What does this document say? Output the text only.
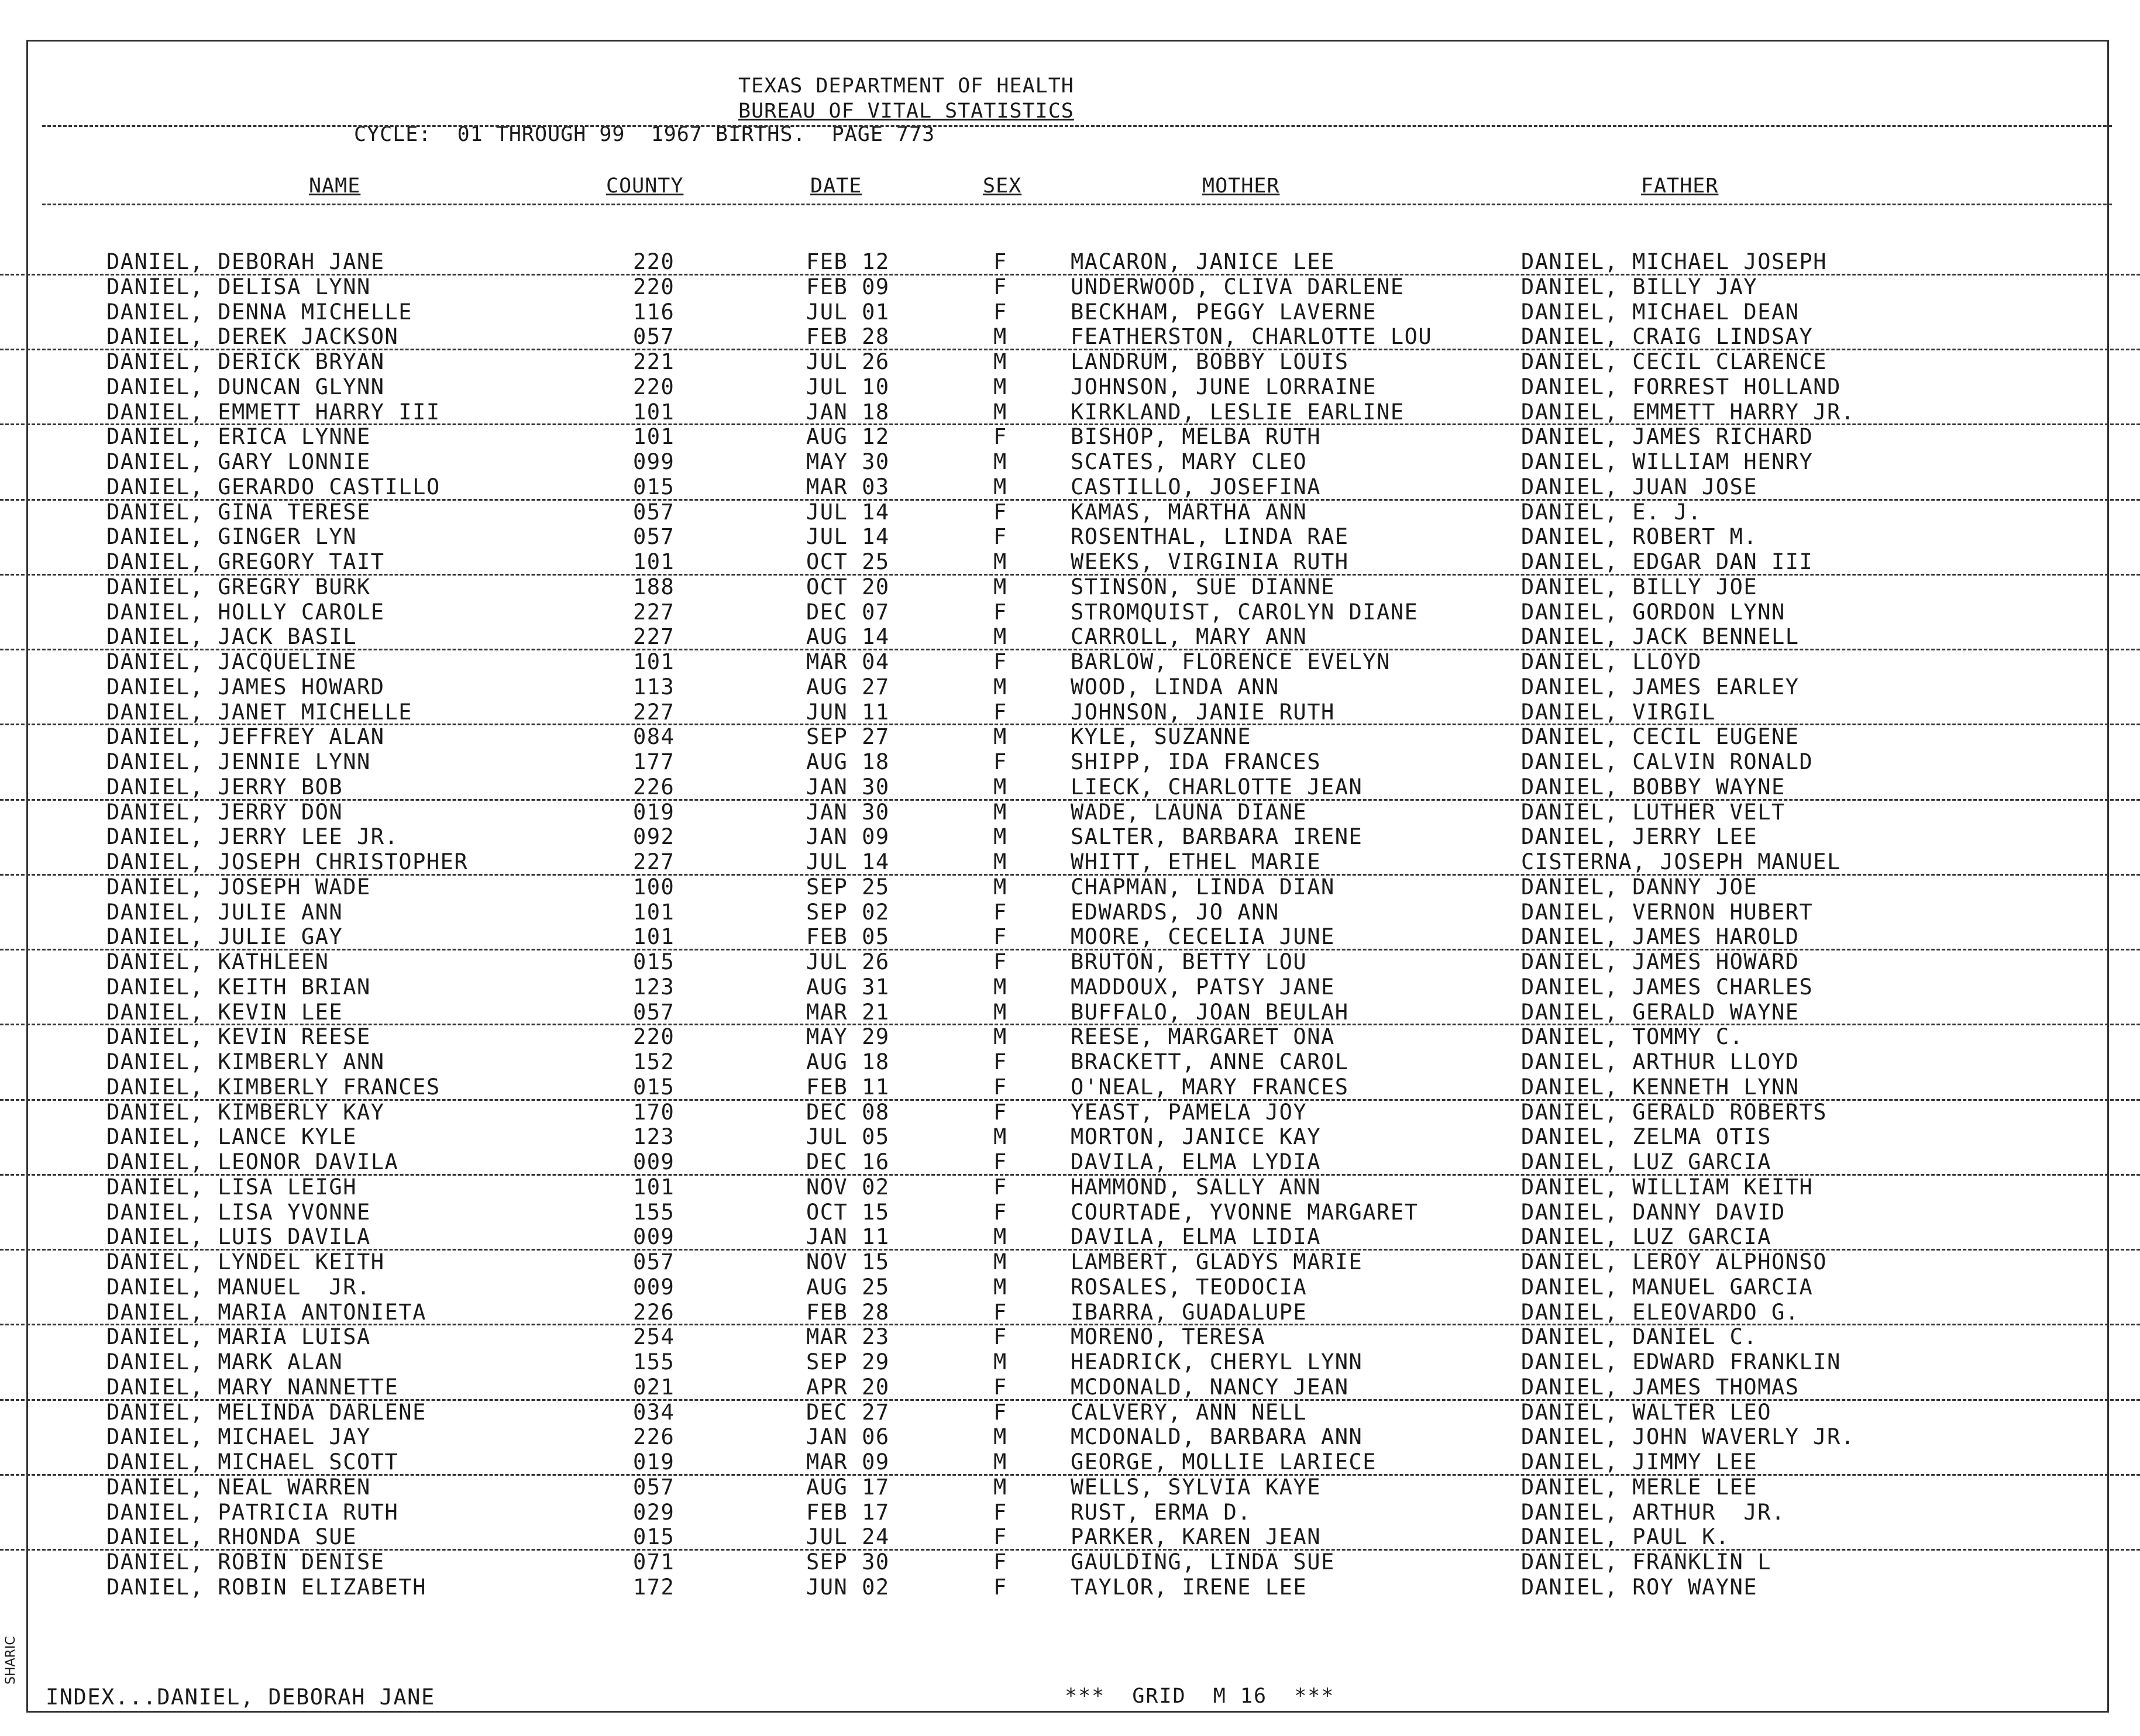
TEXAS DEPARTMENT OF HEALTH
BUREAU OF VITAL STATISTICS
CYCLE:  01 THROUGH 99  1967 BIRTHS.  PAGE 773
NAME	COUNTY	DATE	SEX	MOTHER	FATHER
DANIEL, DEBORAH JANE	220	FEB 12	F	MACARON, JANICE LEE	DANIEL, MICHAEL JOSEPH
DANIEL, DELISA LYNN	220	FEB 09	F	UNDERWOOD, CLIVA DARLENE	DANIEL, BILLY JAY
DANIEL, DENNA MICHELLE	116	JUL 01	F	BECKHAM, PEGGY LAVERNE	DANIEL, MICHAEL DEAN
DANIEL, DEREK JACKSON	057	FEB 28	M	FEATHERSTON, CHARLOTTE LOU	DANIEL, CRAIG LINDSAY
DANIEL, DERICK BRYAN	221	JUL 26	M	LANDRUM, BOBBY LOUIS	DANIEL, CECIL CLARENCE
DANIEL, DUNCAN GLYNN	220	JUL 10	M	JOHNSON, JUNE LORRAINE	DANIEL, FORREST HOLLAND
DANIEL, EMMETT HARRY III	101	JAN 18	M	KIRKLAND, LESLIE EARLINE	DANIEL, EMMETT HARRY JR.
DANIEL, ERICA LYNNE	101	AUG 12	F	BISHOP, MELBA RUTH	DANIEL, JAMES RICHARD
DANIEL, GARY LONNIE	099	MAY 30	M	SCATES, MARY CLEO	DANIEL, WILLIAM HENRY
DANIEL, GERARDO CASTILLO	015	MAR 03	M	CASTILLO, JOSEFINA	DANIEL, JUAN JOSE
DANIEL, GINA TERESE	057	JUL 14	F	KAMAS, MARTHA ANN	DANIEL, E. J.
DANIEL, GINGER LYN	057	JUL 14	F	ROSENTHAL, LINDA RAE	DANIEL, ROBERT M.
DANIEL, GREGORY TAIT	101	OCT 25	M	WEEKS, VIRGINIA RUTH	DANIEL, EDGAR DAN III
DANIEL, GREGRY BURK	188	OCT 20	M	STINSON, SUE DIANNE	DANIEL, BILLY JOE
DANIEL, HOLLY CAROLE	227	DEC 07	F	STROMQUIST, CAROLYN DIANE	DANIEL, GORDON LYNN
DANIEL, JACK BASIL	227	AUG 14	M	CARROLL, MARY ANN	DANIEL, JACK BENNELL
DANIEL, JACQUELINE	101	MAR 04	F	BARLOW, FLORENCE EVELYN	DANIEL, LLOYD
DANIEL, JAMES HOWARD	113	AUG 27	M	WOOD, LINDA ANN	DANIEL, JAMES EARLEY
DANIEL, JANET MICHELLE	227	JUN 11	F	JOHNSON, JANIE RUTH	DANIEL, VIRGIL
DANIEL, JEFFREY ALAN	084	SEP 27	M	KYLE, SUZANNE	DANIEL, CECIL EUGENE
DANIEL, JENNIE LYNN	177	AUG 18	F	SHIPP, IDA FRANCES	DANIEL, CALVIN RONALD
DANIEL, JERRY BOB	226	JAN 30	M	LIECK, CHARLOTTE JEAN	DANIEL, BOBBY WAYNE
DANIEL, JERRY DON	019	JAN 30	M	WADE, LAUNA DIANE	DANIEL, LUTHER VELT
DANIEL, JERRY LEE JR.	092	JAN 09	M	SALTER, BARBARA IRENE	DANIEL, JERRY LEE
DANIEL, JOSEPH CHRISTOPHER	227	JUL 14	M	WHITT, ETHEL MARIE	CISTERNA, JOSEPH MANUEL
DANIEL, JOSEPH WADE	100	SEP 25	M	CHAPMAN, LINDA DIAN	DANIEL, DANNY JOE
DANIEL, JULIE ANN	101	SEP 02	F	EDWARDS, JO ANN	DANIEL, VERNON HUBERT
DANIEL, JULIE GAY	101	FEB 05	F	MOORE, CECELIA JUNE	DANIEL, JAMES HAROLD
DANIEL, KATHLEEN	015	JUL 26	F	BRUTON, BETTY LOU	DANIEL, JAMES HOWARD
DANIEL, KEITH BRIAN	123	AUG 31	M	MADDOUX, PATSY JANE	DANIEL, JAMES CHARLES
DANIEL, KEVIN LEE	057	MAR 21	M	BUFFALO, JOAN BEULAH	DANIEL, GERALD WAYNE
DANIEL, KEVIN REESE	220	MAY 29	M	REESE, MARGARET ONA	DANIEL, TOMMY C.
DANIEL, KIMBERLY ANN	152	AUG 18	F	BRACKETT, ANNE CAROL	DANIEL, ARTHUR LLOYD
DANIEL, KIMBERLY FRANCES	015	FEB 11	F	O'NEAL, MARY FRANCES	DANIEL, KENNETH LYNN
DANIEL, KIMBERLY KAY	170	DEC 08	F	YEAST, PAMELA JOY	DANIEL, GERALD ROBERTS
DANIEL, LANCE KYLE	123	JUL 05	M	MORTON, JANICE KAY	DANIEL, ZELMA OTIS
DANIEL, LEONOR DAVILA	009	DEC 16	F	DAVILA, ELMA LYDIA	DANIEL, LUZ GARCIA
DANIEL, LISA LEIGH	101	NOV 02	F	HAMMOND, SALLY ANN	DANIEL, WILLIAM KEITH
DANIEL, LISA YVONNE	155	OCT 15	F	COURTADE, YVONNE MARGARET	DANIEL, DANNY DAVID
DANIEL, LUIS DAVILA	009	JAN 11	M	DAVILA, ELMA LIDIA	DANIEL, LUZ GARCIA
DANIEL, LYNDEL KEITH	057	NOV 15	M	LAMBERT, GLADYS MARIE	DANIEL, LEROY ALPHONSO
DANIEL, MANUEL  JR.	009	AUG 25	M	ROSALES, TEODOCIA	DANIEL, MANUEL GARCIA
DANIEL, MARIA ANTONIETA	226	FEB 28	F	IBARRA, GUADALUPE	DANIEL, ELEOVARDO G.
DANIEL, MARIA LUISA	254	MAR 23	F	MORENO, TERESA	DANIEL, DANIEL C.
DANIEL, MARK ALAN	155	SEP 29	M	HEADRICK, CHERYL LYNN	DANIEL, EDWARD FRANKLIN
DANIEL, MARY NANNETTE	021	APR 20	F	MCDONALD, NANCY JEAN	DANIEL, JAMES THOMAS
DANIEL, MELINDA DARLENE	034	DEC 27	F	CALVERY, ANN NELL	DANIEL, WALTER LEO
DANIEL, MICHAEL JAY	226	JAN 06	M	MCDONALD, BARBARA ANN	DANIEL, JOHN WAVERLY JR.
DANIEL, MICHAEL SCOTT	019	MAR 09	M	GEORGE, MOLLIE LARIECE	DANIEL, JIMMY LEE
DANIEL, NEAL WARREN	057	AUG 17	M	WELLS, SYLVIA KAYE	DANIEL, MERLE LEE
DANIEL, PATRICIA RUTH	029	FEB 17	F	RUST, ERMA D.	DANIEL, ARTHUR  JR.
DANIEL, RHONDA SUE	015	JUL 24	F	PARKER, KAREN JEAN	DANIEL, PAUL K.
DANIEL, ROBIN DENISE	071	SEP 30	F	GAULDING, LINDA SUE	DANIEL, FRANKLIN L
DANIEL, ROBIN ELIZABETH	172	JUN 02	F	TAYLOR, IRENE LEE	DANIEL, ROY WAYNE
INDEX...DANIEL, DEBORAH JANE	***  GRID  M 16  ***
SHARIC
